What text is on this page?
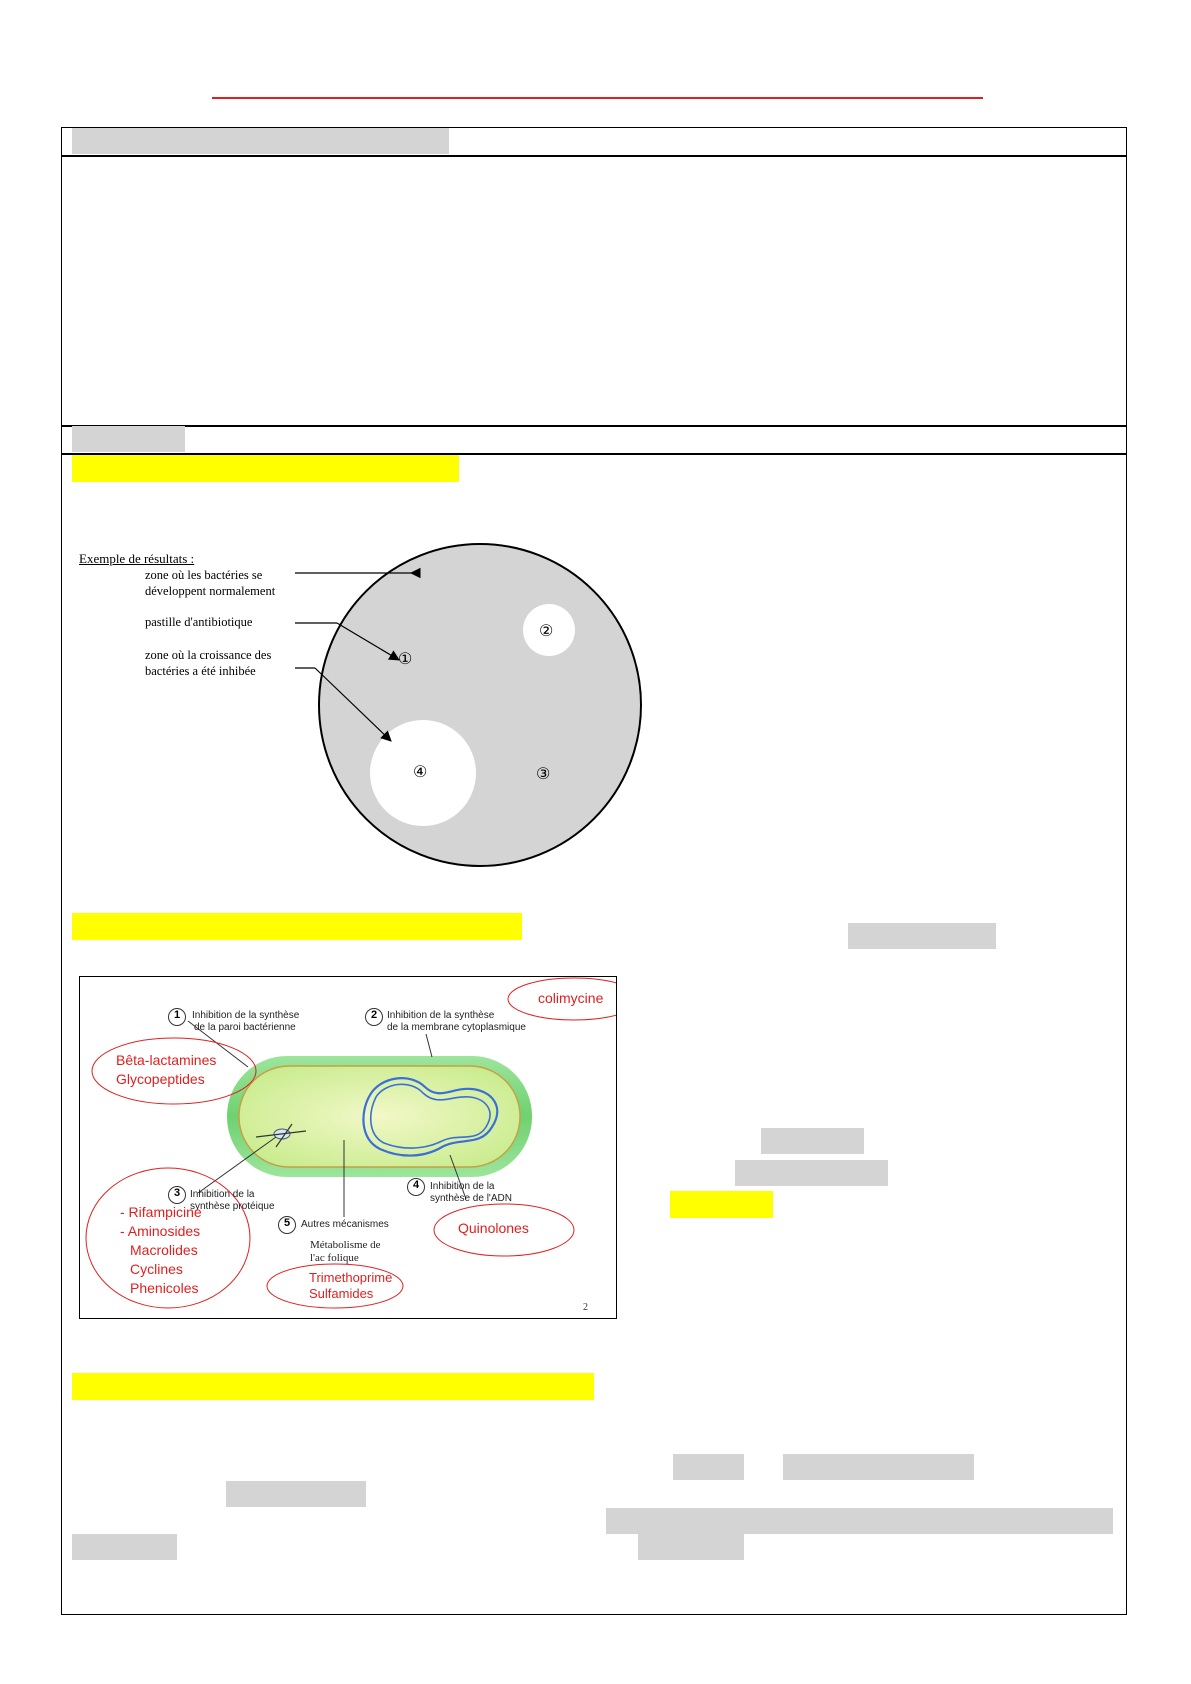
Exemple de résultats :
zone où les bactéries se
développent normalement
pastille d'antibiotique
zone où la croissance des
bactéries a été inhibée
①
②
③
④
1	2
3
4
5
Inhibition de la synthèse
de la paroi bactérienne
Inhibition de la synthèse
de la membrane cytoplasmique
Inhibition de la
synthèse protéique
Inhibition de la
synthèse de l'ADN
Autres mécanismes
Métabolisme de
l'ac folique
colimycine
Bêta-lactamines
Glycopeptides
- Rifampicine
- Aminosides
Macrolides
Cyclines
Phenicoles
Quinolones
Trimethoprime
Sulfamides
2
